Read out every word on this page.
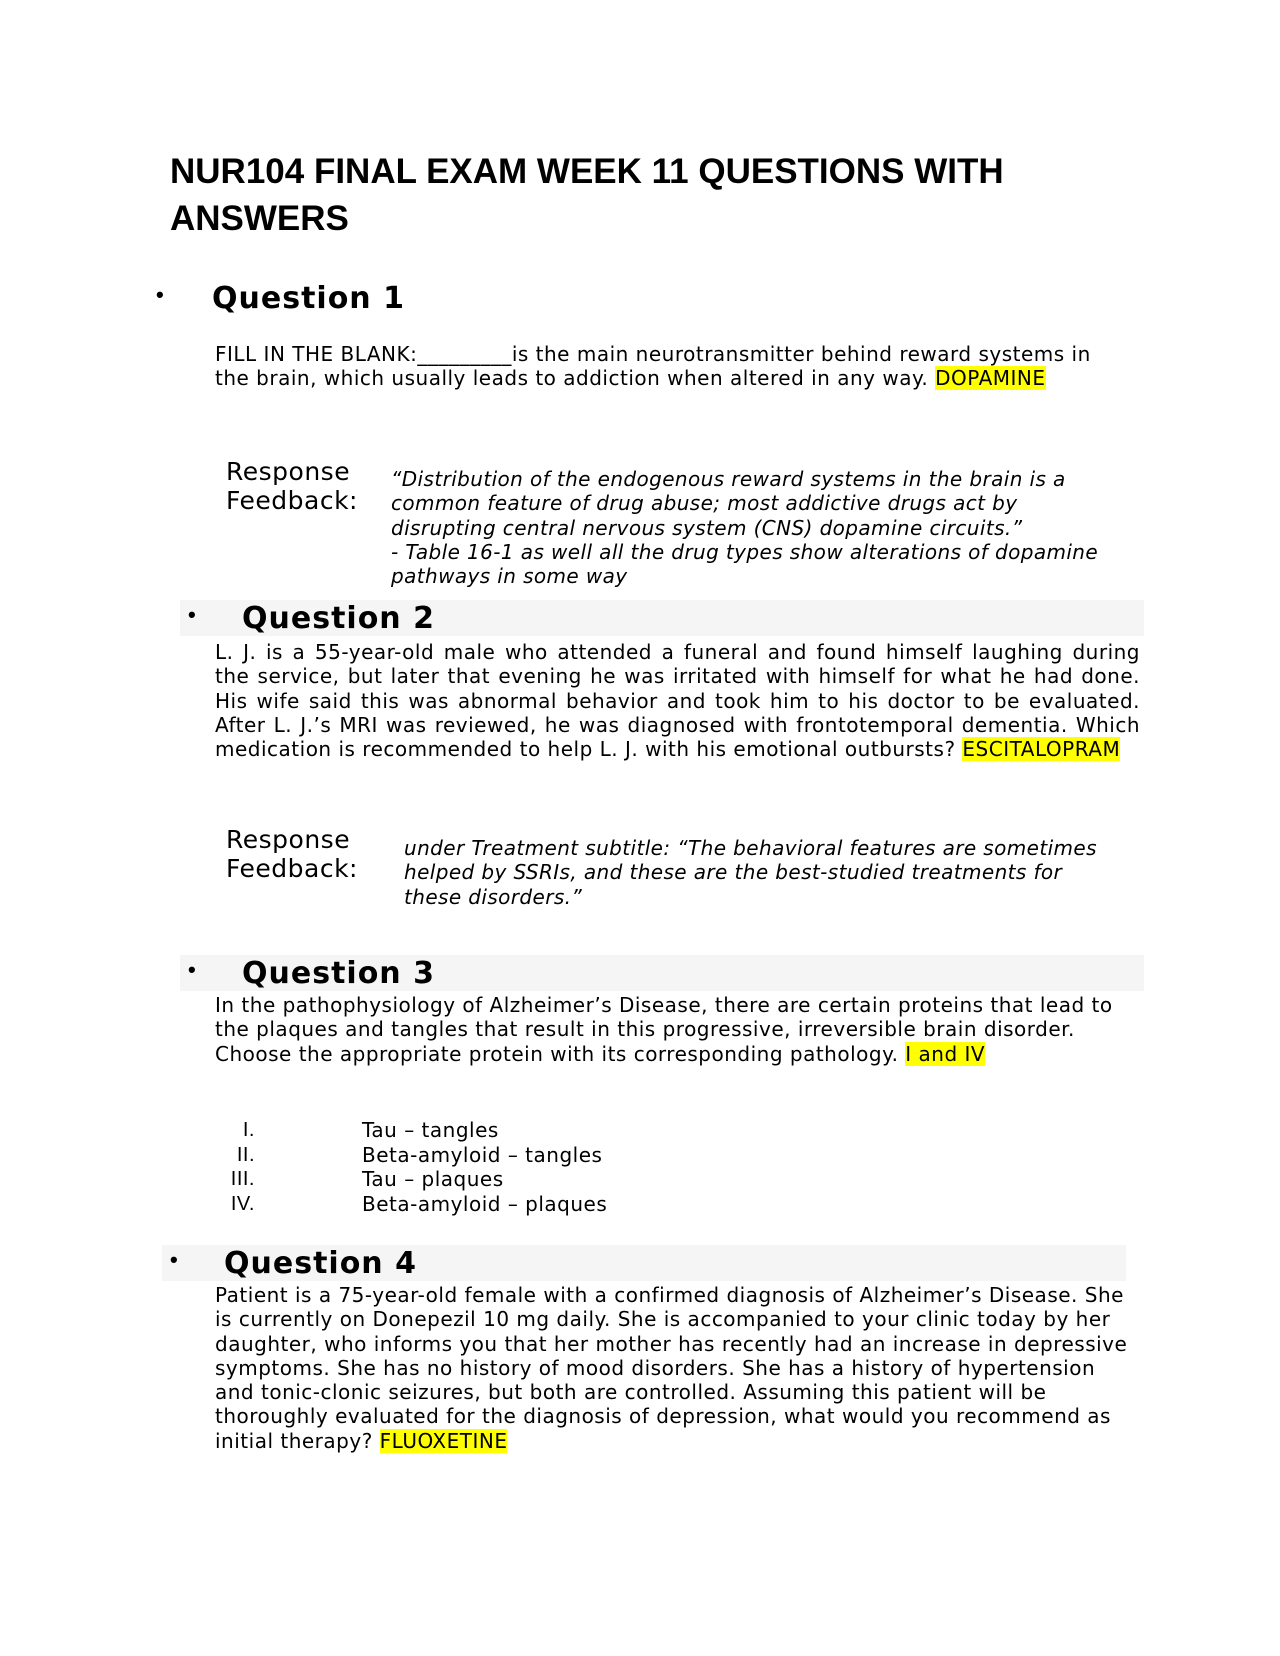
NUR104 FINAL EXAM WEEK 11 QUESTIONS WITH ANSWERS
• Question 1

FILL IN THE BLANK:_________is the main neurotransmitter behind reward systems in the brain, which usually leads to addiction when altered in any way. DOPAMINE

Response Feedback:

“Distribution of the endogenous reward systems in the brain is a common feature of drug abuse; most addictive drugs act by disrupting central nervous system (CNS) dopamine circuits.”

- Table 16-1 as well all the drug types show alterations of dopamine pathways in some way

• Question 2

L. J. is a 55-year-old male who attended a funeral and found himself laughing during the service, but later that evening he was irritated with himself for what he had done. His wife said this was abnormal behavior and took him to his doctor to be evaluated. After L. J.’s MRI was reviewed, he was diagnosed with frontotemporal dementia. Which medication is recommended to help L. J. with his emotional outbursts? ESCITALOPRAM

Response Feedback:

under Treatment subtitle: “The behavioral features are sometimes helped by SSRIs, and these are the best-studied treatments for these disorders.”

• Question 3

In the pathophysiology of Alzheimer’s Disease, there are certain proteins that lead to the plaques and tangles that result in this progressive, irreversible brain disorder.
Choose the appropriate protein with its corresponding pathology. I and IV

I.	Tau – tangles
II.	Beta-amyloid – tangles
III.	Tau – plaques
IV.	Beta-amyloid – plaques
• Question 4

Patient is a 75-year-old female with a confirmed diagnosis of Alzheimer’s Disease. She is currently on Donepezil 10 mg daily. She is accompanied to your clinic today by her daughter, who informs you that her mother has recently had an increase in depressive symptoms. She has no history of mood disorders. She has a history of hypertension and tonic-clonic seizures, but both are controlled. Assuming this patient will be thoroughly evaluated for the diagnosis of depression, what would you recommend as initial therapy? FLUOXETINE
